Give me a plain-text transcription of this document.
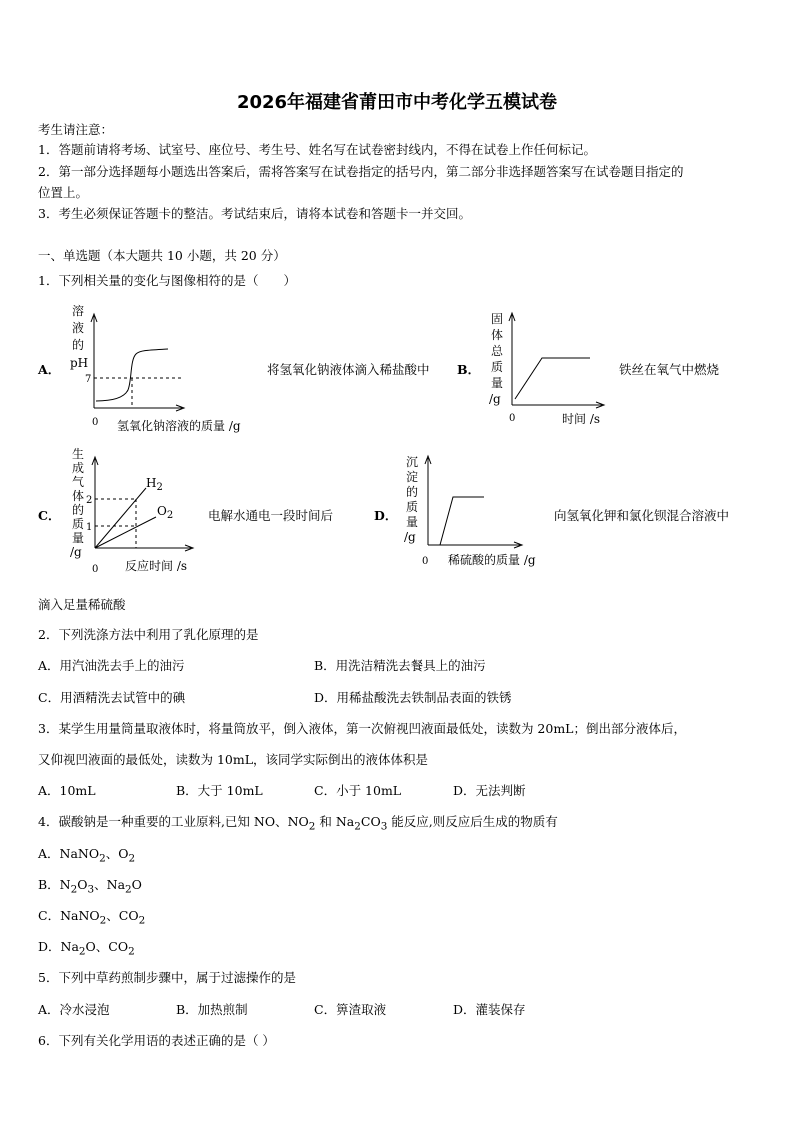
2026年福建省莆田市中考化学五模试卷
考生请注意：
1．答题前请将考场、试室号、座位号、考生号、姓名写在试卷密封线内，不得在试卷上作任何标记。
2．第一部分选择题每小题选出答案后，需将答案写在试卷指定的括号内，第二部分非选择题答案写在试卷题目指定的
位置上。
3．考生必须保证答题卡的整洁。考试结束后，请将本试卷和答题卡一并交回。
一、单选题（本大题共 10 小题，共 20 分）
1．下列相关量的变化与图像相符的是（　　）
A．
溶
液
的
pH
7
0 氢氧化钠溶液的质量 /g
将氢氧化钠液体滴入稀盐酸中 B．
固
体
总
质
量
/g
0	时间 /s
铁丝在氧气中燃烧
C．
生
成
气
体
的
质
量
/g
2
1
$H_2$
$O_2$
0 反应时间 /s
电解水通电一段时间后	D．
沉
淀
的
质
量
/g
0 稀硫酸的质量 /g
向氢氧化钾和氯化钡混合溶液中
滴入足量稀硫酸
2．下列洗涤方法中利用了乳化原理的是
A．用汽油洗去手上的油污	B．用洗洁精洗去餐具上的油污
C．用酒精洗去试管中的碘	D．用稀盐酸洗去铁制品表面的铁锈
3．某学生用量筒量取液体时，将量筒放平，倒入液体，第一次俯视凹液面最低处，读数为 20mL；倒出部分液体后，
又仰视凹液面的最低处，读数为 10mL，该同学实际倒出的液体体积是
A．10mL	B．大于 10mL	C．小于 10mL	D．无法判断
4．碳酸钠是一种重要的工业原料,已知 NO、$NO_2$ 和 $Na_2CO_3$ 能反应,则反应后生成的物质有
A．NaNO$_2$、$O_2$
B．$N_2O_3$、$Na_2O$
C．NaNO$_2$、$CO_2$
D．$Na_2O$、$CO_2$
5．下列中草药煎制步骤中，属于过滤操作的是
A．冷水浸泡	B．加热煎制	C．箅渣取液	D．灌装保存
6．下列有关化学用语的表述正确的是（ ）
